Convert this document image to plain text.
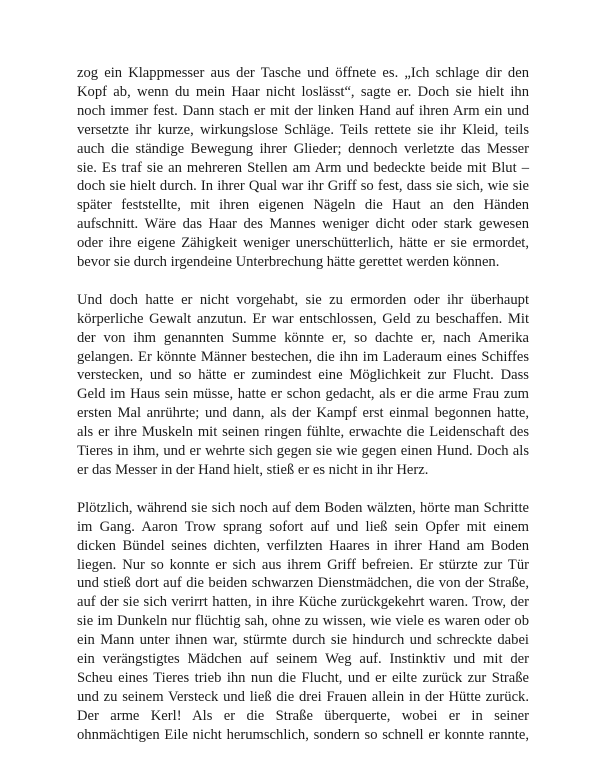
zog ein Klappmesser aus der Tasche und öffnete es. „Ich schlage dir den
Kopf ab, wenn du mein Haar nicht loslässt“, sagte er. Doch sie hielt ihn
noch immer fest. Dann stach er mit der linken Hand auf ihren Arm ein und
versetzte ihr kurze, wirkungslose Schläge. Teils rettete sie ihr Kleid, teils
auch die ständige Bewegung ihrer Glieder; dennoch verletzte das Messer
sie. Es traf sie an mehreren Stellen am Arm und bedeckte beide mit Blut –
doch sie hielt durch. In ihrer Qual war ihr Griff so fest, dass sie sich, wie sie
später feststellte, mit ihren eigenen Nägeln die Haut an den Händen
aufschnitt. Wäre das Haar des Mannes weniger dicht oder stark gewesen
oder ihre eigene Zähigkeit weniger unerschütterlich, hätte er sie ermordet,
bevor sie durch irgendeine Unterbrechung hätte gerettet werden können.

Und doch hatte er nicht vorgehabt, sie zu ermorden oder ihr überhaupt
körperliche Gewalt anzutun. Er war entschlossen, Geld zu beschaffen. Mit
der von ihm genannten Summe könnte er, so dachte er, nach Amerika
gelangen. Er könnte Männer bestechen, die ihn im Laderaum eines Schiffes
verstecken, und so hätte er zumindest eine Möglichkeit zur Flucht. Dass
Geld im Haus sein müsse, hatte er schon gedacht, als er die arme Frau zum
ersten Mal anrührte; und dann, als der Kampf erst einmal begonnen hatte,
als er ihre Muskeln mit seinen ringen fühlte, erwachte die Leidenschaft des
Tieres in ihm, und er wehrte sich gegen sie wie gegen einen Hund. Doch als
er das Messer in der Hand hielt, stieß er es nicht in ihr Herz.

Plötzlich, während sie sich noch auf dem Boden wälzten, hörte man Schritte
im Gang. Aaron Trow sprang sofort auf und ließ sein Opfer mit einem
dicken Bündel seines dichten, verfilzten Haares in ihrer Hand am Boden
liegen. Nur so konnte er sich aus ihrem Griff befreien. Er stürzte zur Tür
und stieß dort auf die beiden schwarzen Dienstmädchen, die von der Straße,
auf der sie sich verirrt hatten, in ihre Küche zurückgekehrt waren. Trow, der
sie im Dunkeln nur flüchtig sah, ohne zu wissen, wie viele es waren oder ob
ein Mann unter ihnen war, stürmte durch sie hindurch und schreckte dabei
ein verängstigtes Mädchen auf seinem Weg auf. Instinktiv und mit der
Scheu eines Tieres trieb ihn nun die Flucht, und er eilte zurück zur Straße
und zu seinem Versteck und ließ die drei Frauen allein in der Hütte zurück.
Der arme Kerl! Als er die Straße überquerte, wobei er in seiner
ohnmächtigen Eile nicht herumschlich, sondern so schnell er konnte rannte,
